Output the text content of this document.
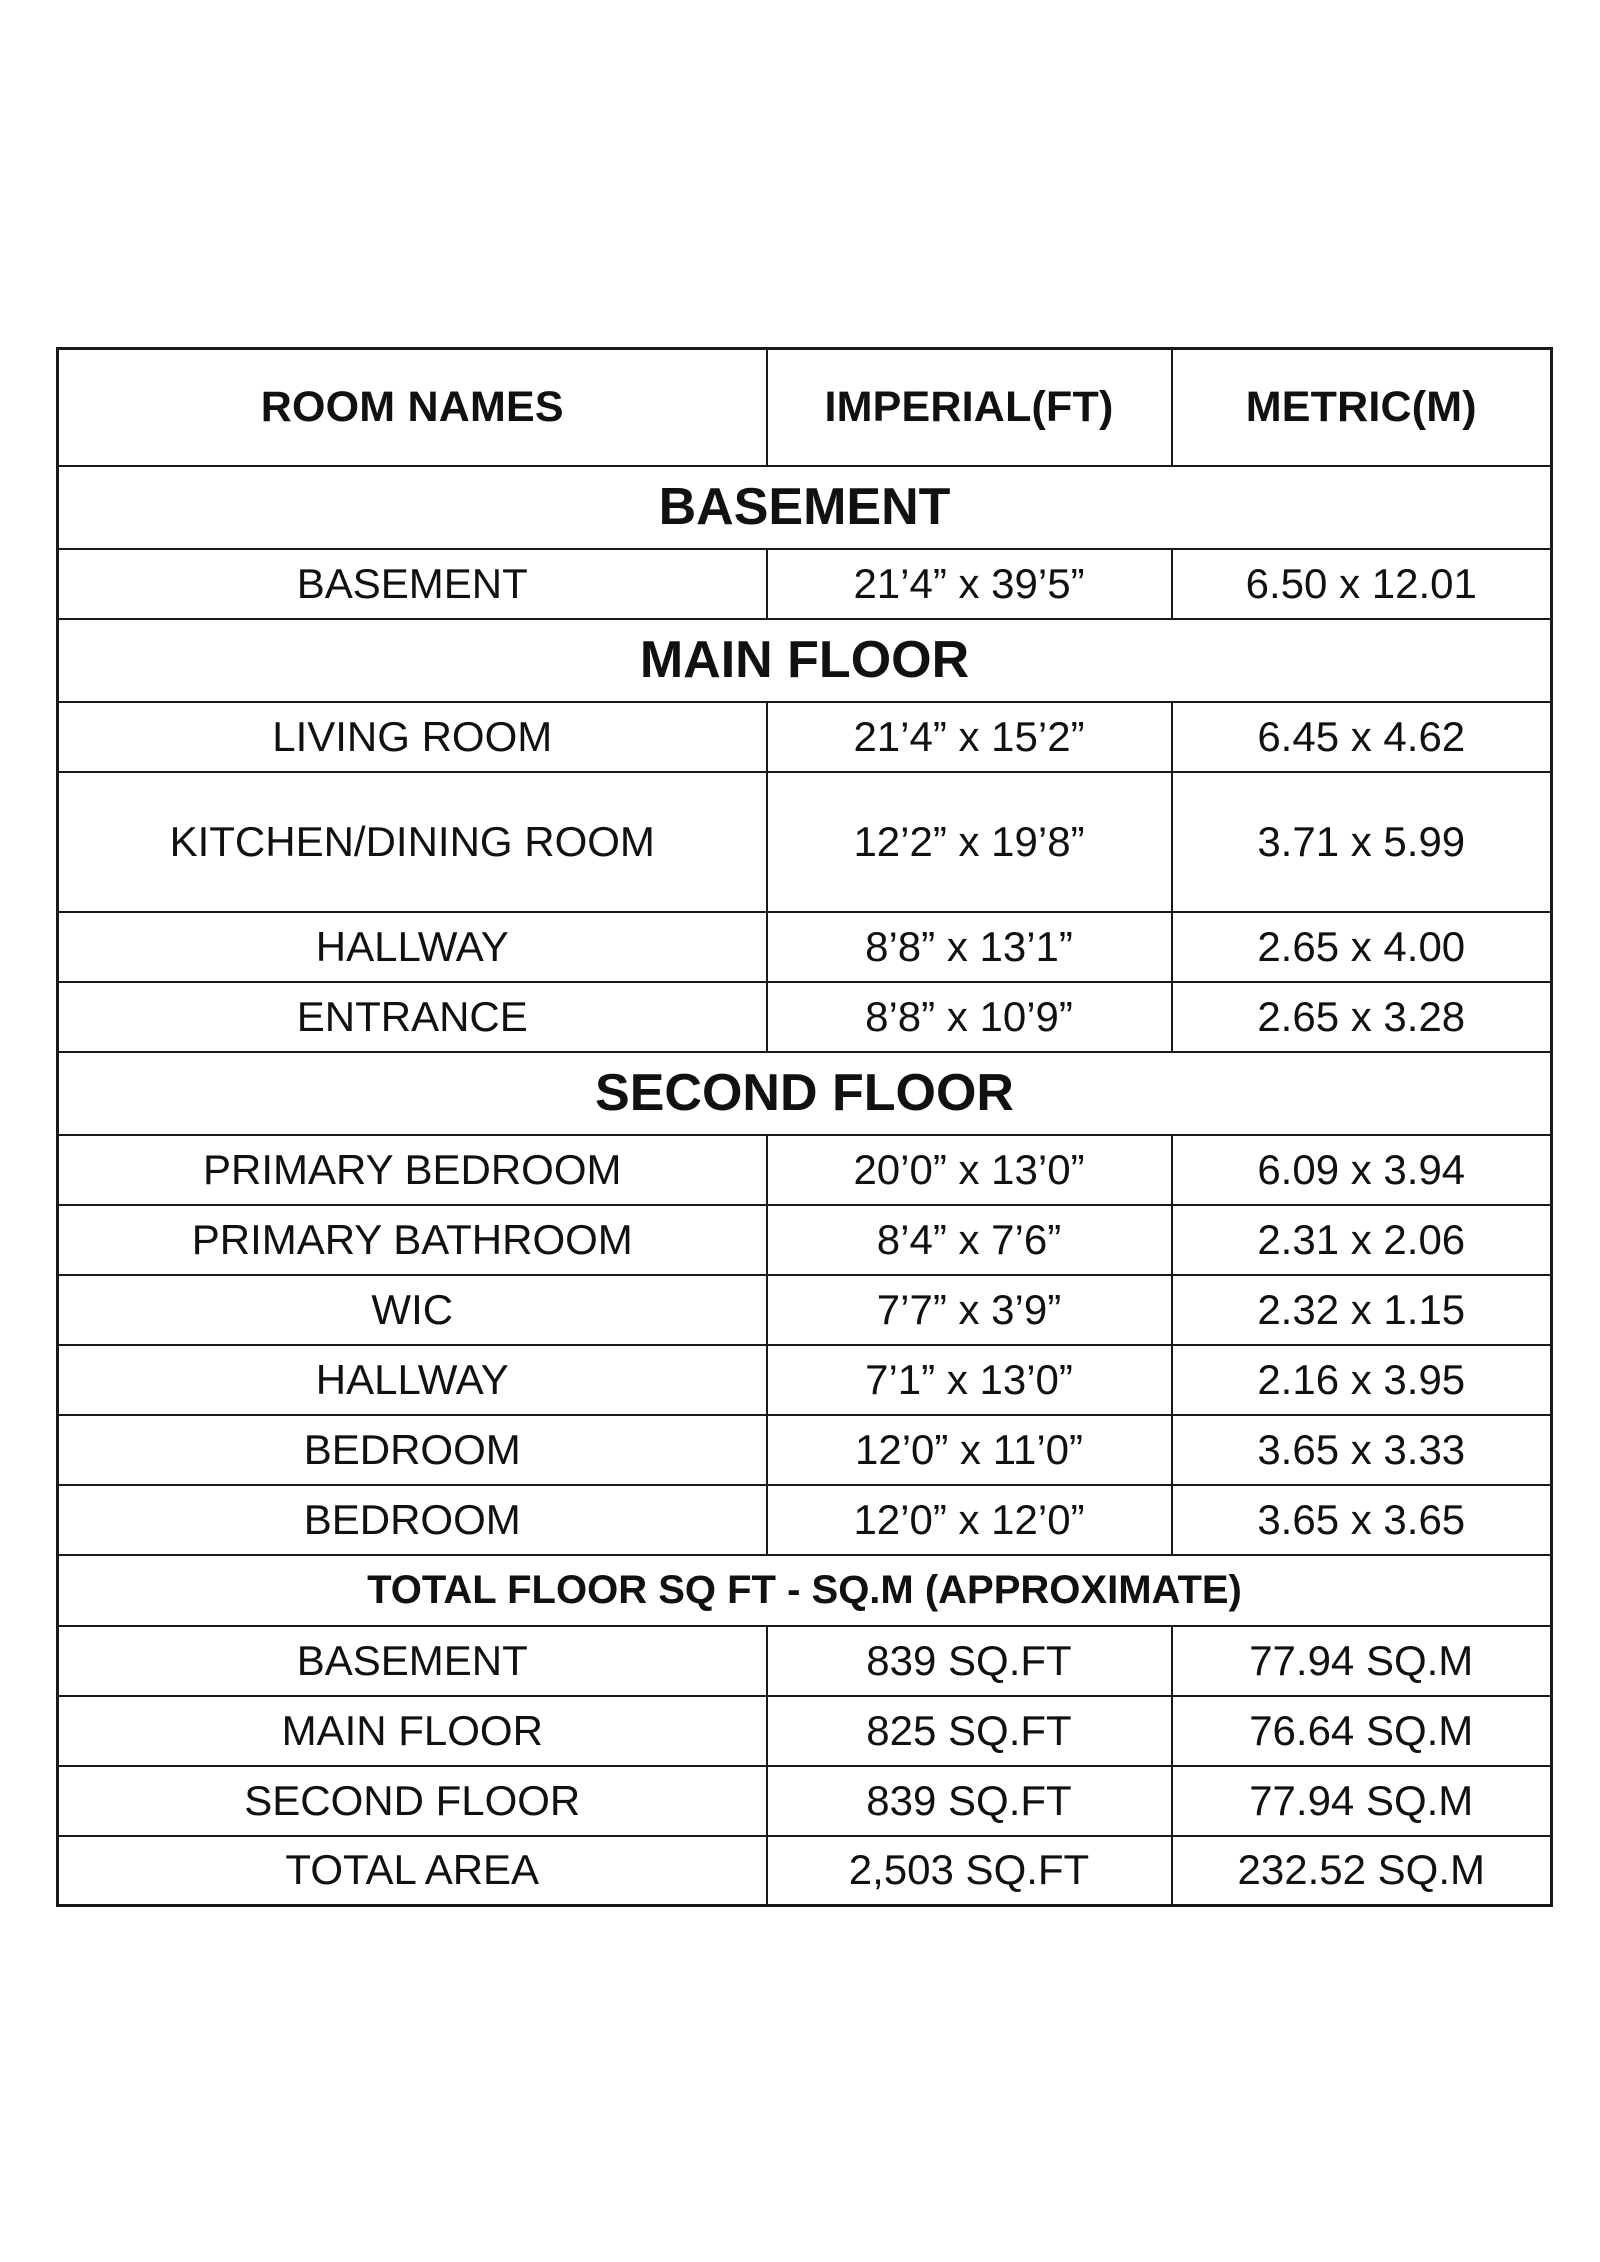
ROOM NAMES	IMPERIAL(FT)	METRIC(M)
BASEMENT		
BASEMENT	21’4” x 39’5”	6.50 x 12.01
MAIN FLOOR		
LIVING ROOM	21’4” x 15’2”	6.45 x 4.62
KITCHEN/DINING ROOM	12’2” x 19’8”	3.71 x 5.99
HALLWAY	8’8” x 13’1”	2.65 x 4.00
ENTRANCE	8’8” x 10’9”	2.65 x 3.28
SECOND FLOOR		
PRIMARY BEDROOM	20’0” x 13’0”	6.09 x 3.94
PRIMARY BATHROOM	8’4” x 7’6”	2.31 x 2.06
WIC	7’7” x 3’9”	2.32 x 1.15
HALLWAY	7’1” x 13’0”	2.16 x 3.95
BEDROOM	12’0” x 11’0”	3.65 x 3.33
BEDROOM	12’0” x 12’0”	3.65 x 3.65
TOTAL FLOOR SQ FT - SQ.M (APPROXIMATE)		
BASEMENT	839 SQ.FT	77.94 SQ.M
MAIN FLOOR	825 SQ.FT	76.64 SQ.M
SECOND FLOOR	839 SQ.FT	77.94 SQ.M
TOTAL AREA	2,503 SQ.FT	232.52 SQ.M
